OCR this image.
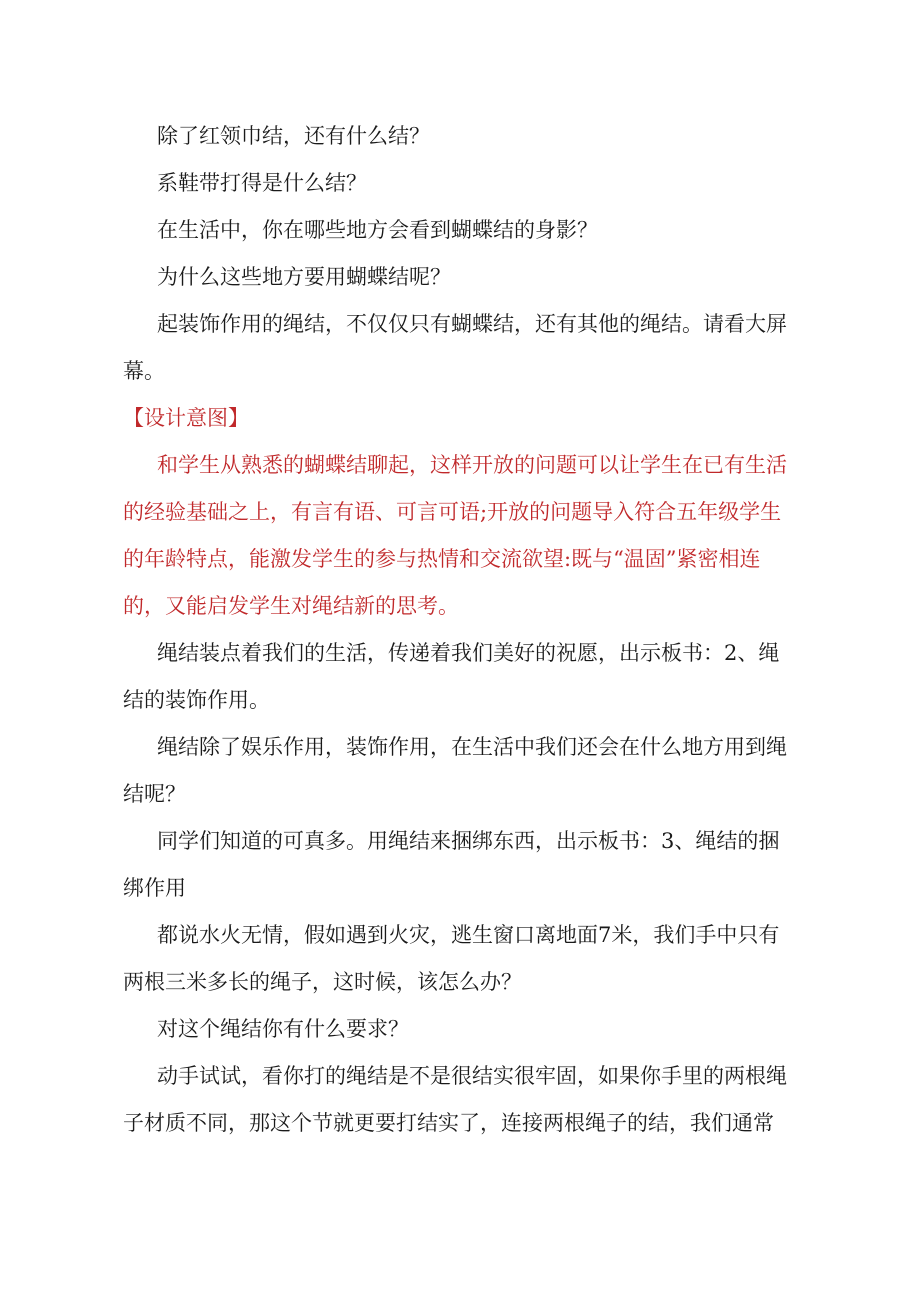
除了红领巾结，还有什么结？

系鞋带打得是什么结？

在生活中，你在哪些地方会看到蝴蝶结的身影？

为什么这些地方要用蝴蝶结呢？

起装饰作用的绳结，不仅仅只有蝴蝶结，还有其他的绳结。请看大屏幕。

【设计意图】

和学生从熟悉的蝴蝶结聊起，这样开放的问题可以让学生在已有生活的经验基础之上，有言有语、可言可语;开放的问题导入符合五年级学生的年龄特点，能激发学生的参与热情和交流欲望:既与“温固”紧密相连的，又能启发学生对绳结新的思考。

绳结装点着我们的生活，传递着我们美好的祝愿，出示板书：2、绳结的装饰作用。

绳结除了娱乐作用，装饰作用，在生活中我们还会在什么地方用到绳结呢？

同学们知道的可真多。用绳结来捆绑东西，出示板书：3、绳结的捆绑作用

都说水火无情，假如遇到火灾，逃生窗口离地面7米，我们手中只有两根三米多长的绳子，这时候，该怎么办？

对这个绳结你有什么要求？

动手试试，看你打的绳结是不是很结实很牢固，如果你手里的两根绳子材质不同，那这个节就更要打结实了，连接两根绳子的结，我们通常
